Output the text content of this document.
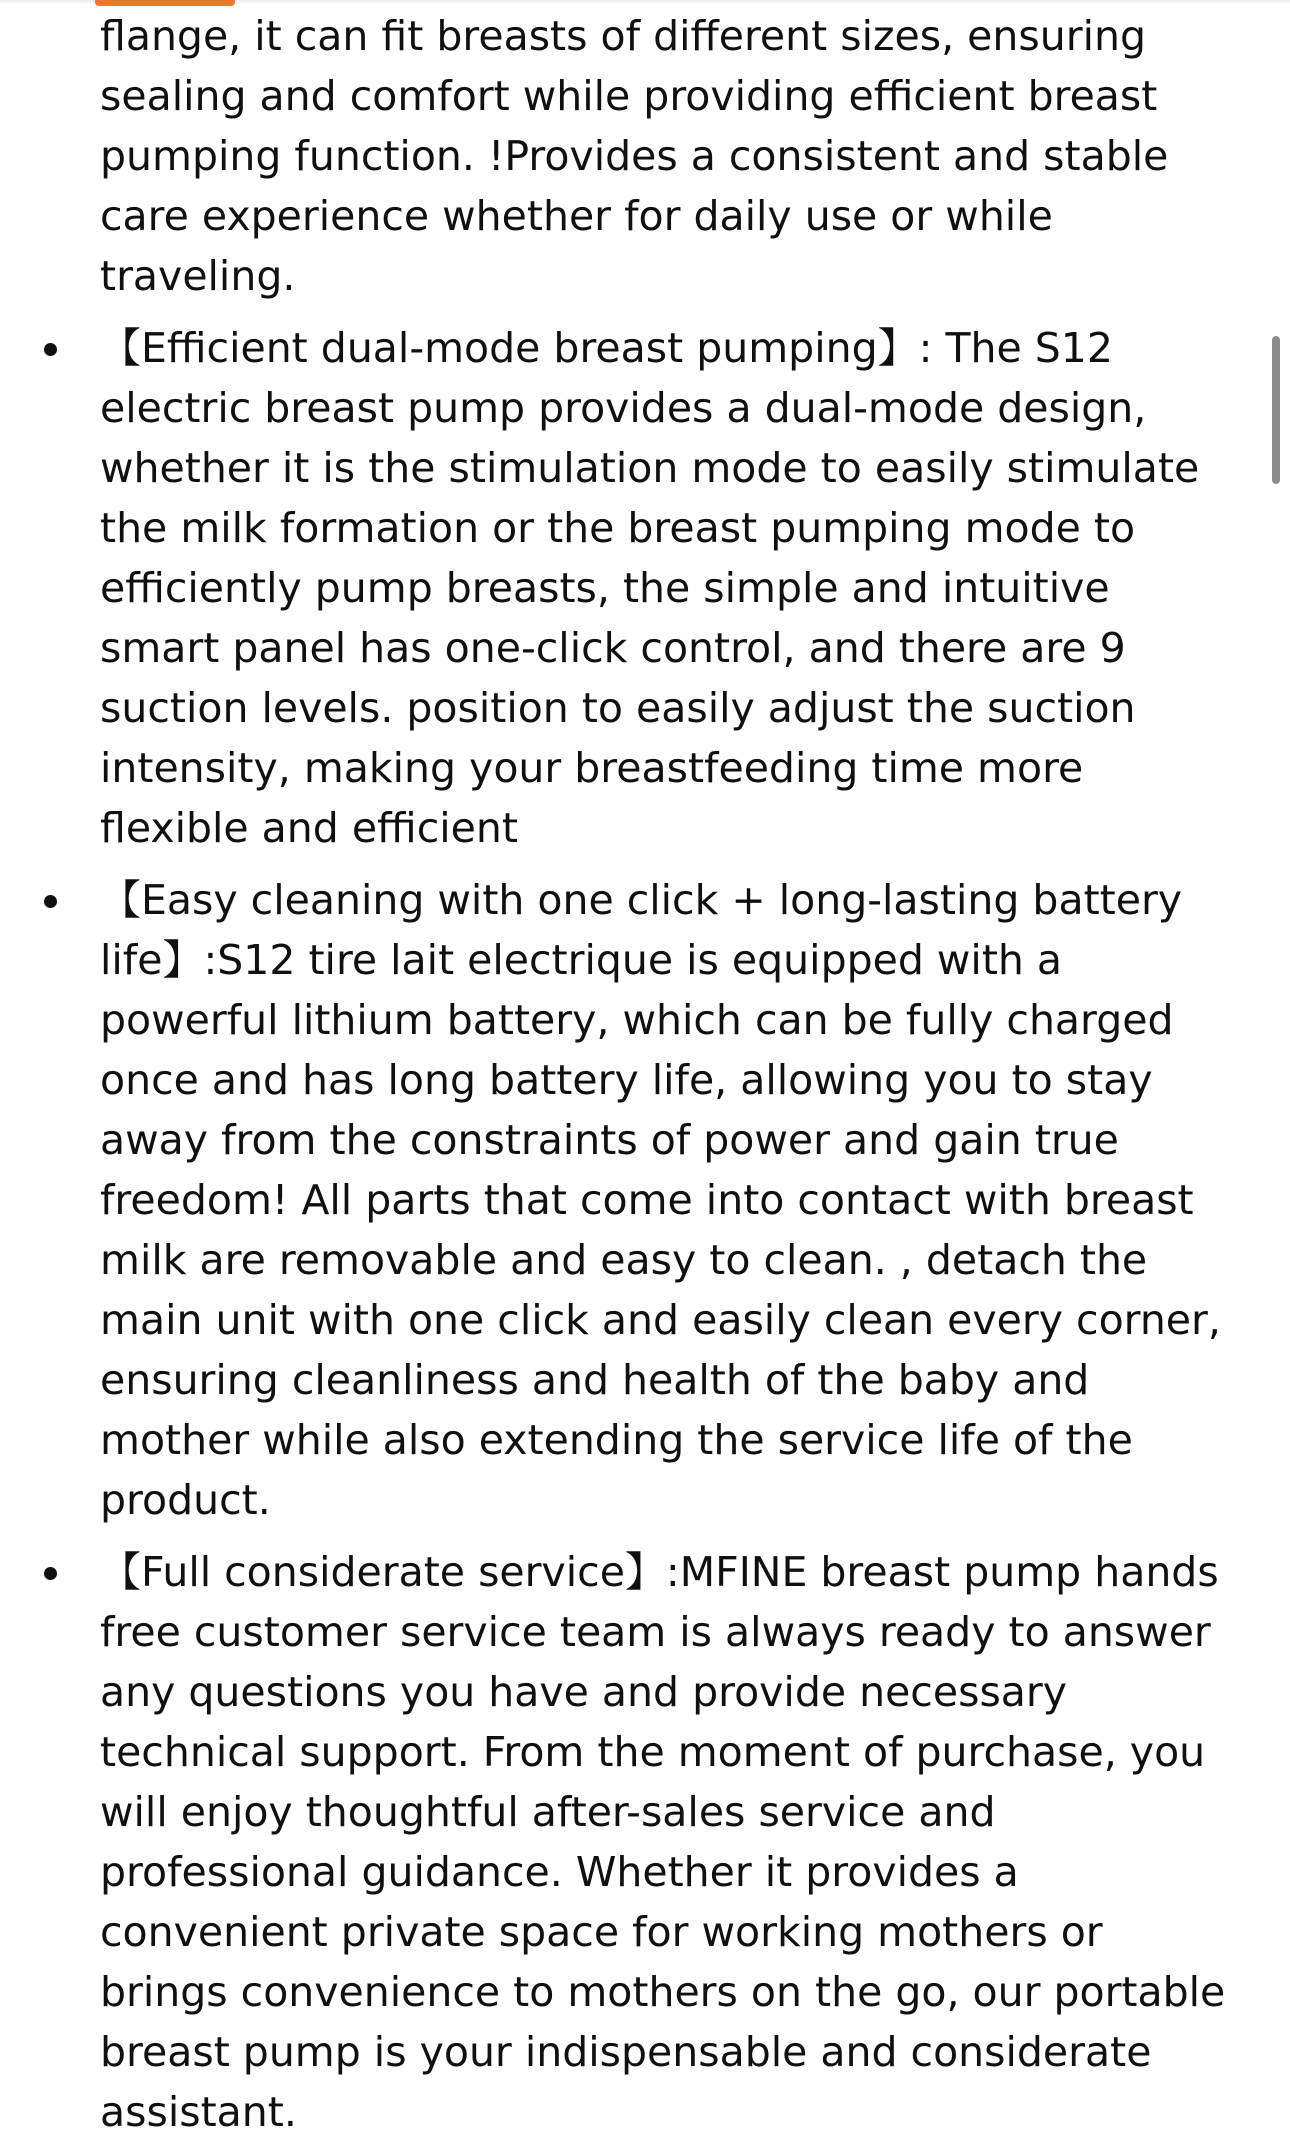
flange, it can fit breasts of different sizes, ensuring sealing and comfort while providing efficient breast pumping function. !Provides a consistent and stable care experience whether for daily use or while traveling.

【Efficient dual-mode breast pumping】: The S12 electric breast pump provides a dual-mode design, whether it is the stimulation mode to easily stimulate the milk formation or the breast pumping mode to efficiently pump breasts, the simple and intuitive smart panel has one-click control, and there are 9 suction levels. position to easily adjust the suction intensity, making your breastfeeding time more flexible and efficient
【Easy cleaning with one click + long-lasting battery life】:S12 tire lait electrique is equipped with a powerful lithium battery, which can be fully charged once and has long battery life, allowing you to stay away from the constraints of power and gain true freedom! All parts that come into contact with breast milk are removable and easy to clean. , detach the main unit with one click and easily clean every corner, ensuring cleanliness and health of the baby and mother while also extending the service life of the product.
【Full considerate service】:MFINE breast pump hands free customer service team is always ready to answer any questions you have and provide necessary technical support. From the moment of purchase, you will enjoy thoughtful after-sales service and professional guidance. Whether it provides a convenient private space for working mothers or brings convenience to mothers on the go, our portable breast pump is your indispensable and considerate assistant.
